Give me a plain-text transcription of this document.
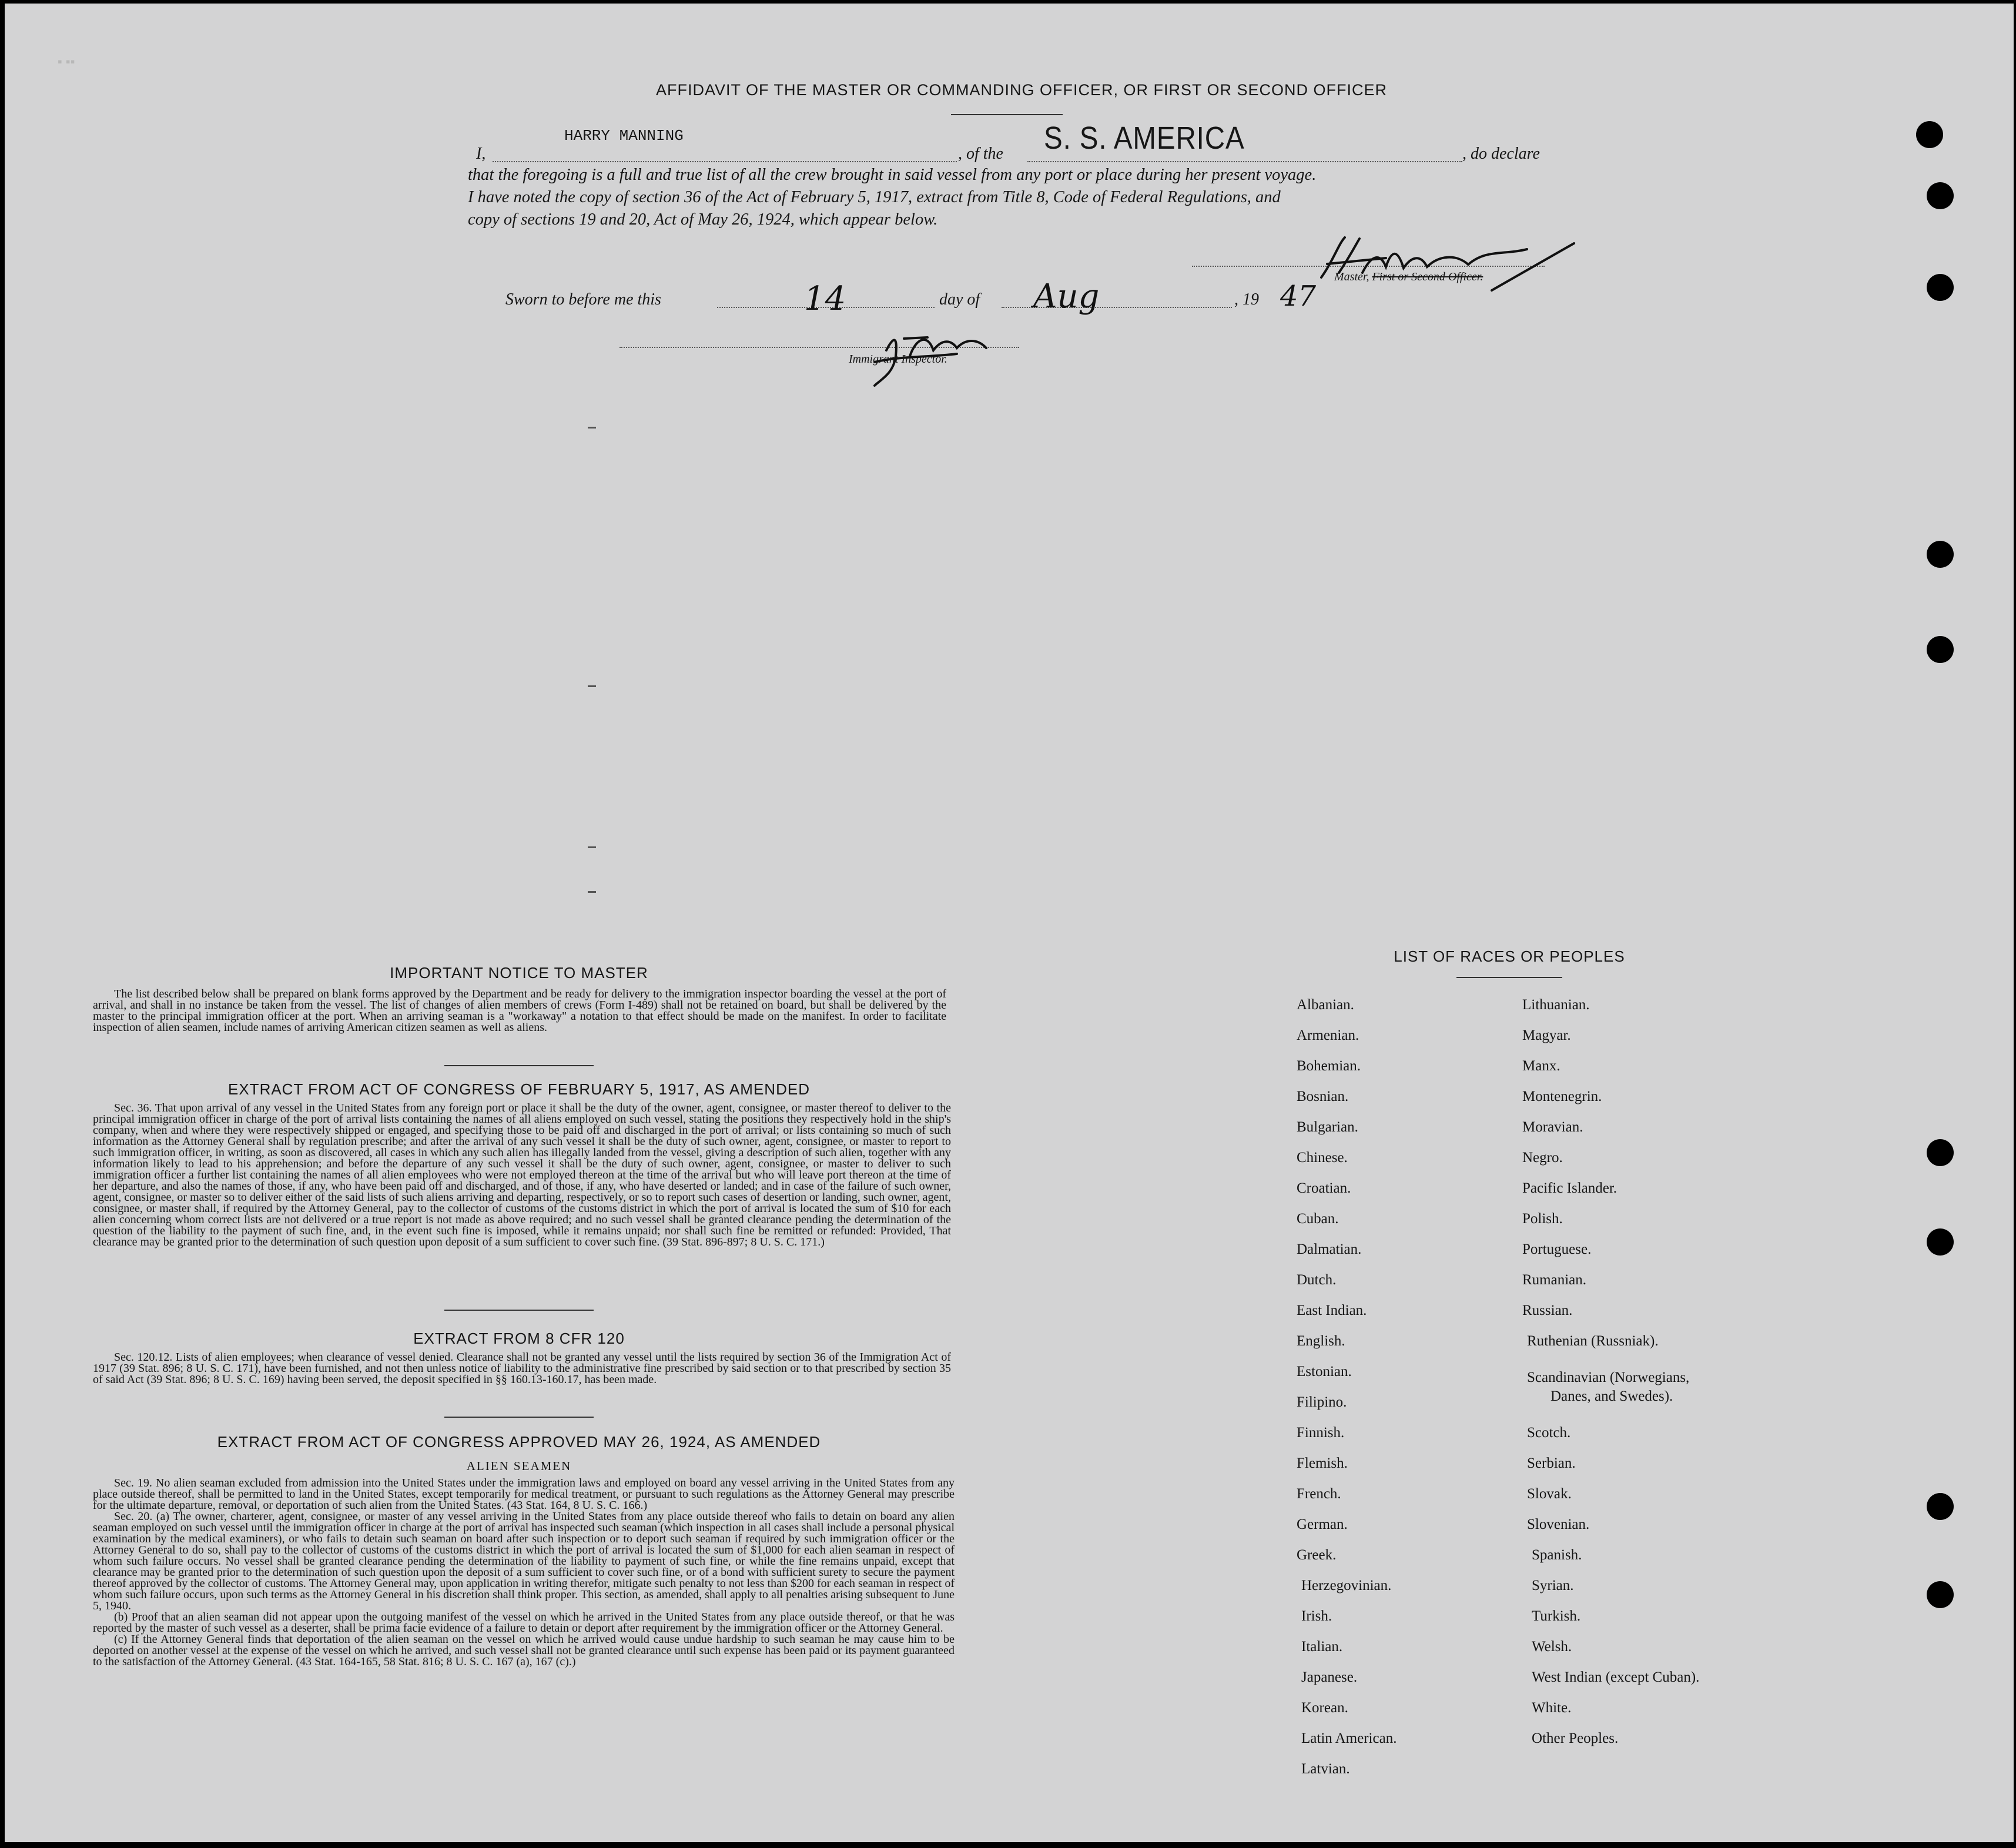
▪ ▪▪
AFFIDAVIT OF THE MASTER OR COMMANDING OFFICER, OR FIRST OR SECOND OFFICER
I,
HARRY MANNING
, of the S. S. AMERICA	, do declare
that the foregoing is a full and true list of all the crew brought in said vessel from any port or place during her present voyage.
I have noted the copy of section 36 of the Act of February 5, 1917, extract from Title 8, Code of Federal Regulations, and
copy of sections 19 and 20, Act of May 26, 1924, which appear below.
Master, First or Second Officer.
Sworn to before me this	14	day of Aug	, 19 47
Immigrant Inspector.
IMPORTANT NOTICE TO MASTER

The list described below shall be prepared on blank forms approved by the Department and be ready for delivery to the immigration inspector boarding the vessel at the port of arrival, and shall in no instance be taken from the vessel. The list of changes of alien members of crews (Form I-489) shall not be retained on board, but shall be delivered by the master to the principal immigration officer at the port. When an arriving seaman is a "workaway" a notation to that effect should be made on the manifest. In order to facilitate inspection of alien seamen, include names of arriving American citizen seamen as well as aliens.

EXTRACT FROM ACT OF CONGRESS OF FEBRUARY 5, 1917, AS AMENDED

Sec. 36. That upon arrival of any vessel in the United States from any foreign port or place it shall be the duty of the owner, agent, consignee, or master thereof to deliver to the principal immigration officer in charge of the port of arrival lists containing the names of all aliens employed on such vessel, stating the positions they respectively hold in the ship's company, when and where they were respectively shipped or engaged, and specifying those to be paid off and discharged in the port of arrival; or lists containing so much of such information as the Attorney General shall by regulation prescribe; and after the arrival of any such vessel it shall be the duty of such owner, agent, consignee, or master to report to such immigration officer, in writing, as soon as discovered, all cases in which any such alien has illegally landed from the vessel, giving a description of such alien, together with any information likely to lead to his apprehension; and before the departure of any such vessel it shall be the duty of such owner, agent, consignee, or master to deliver to such immigration officer a further list containing the names of all alien employees who were not employed thereon at the time of the arrival but who will leave port thereon at the time of her departure, and also the names of those, if any, who have been paid off and discharged, and of those, if any, who have deserted or landed; and in case of the failure of such owner, agent, consignee, or master so to deliver either of the said lists of such aliens arriving and departing, respectively, or so to report such cases of desertion or landing, such owner, agent, consignee, or master shall, if required by the Attorney General, pay to the collector of customs of the customs district in which the port of arrival is located the sum of $10 for each alien concerning whom correct lists are not delivered or a true report is not made as above required; and no such vessel shall be granted clearance pending the determination of the question of the liability to the payment of such fine, and, in the event such fine is imposed, while it remains unpaid; nor shall such fine be remitted or refunded: Provided, That clearance may be granted prior to the determination of such question upon deposit of a sum sufficient to cover such fine. (39 Stat. 896-897; 8 U. S. C. 171.)

EXTRACT FROM 8 CFR 120

Sec. 120.12. Lists of alien employees; when clearance of vessel denied. Clearance shall not be granted any vessel until the lists required by section 36 of the Immigration Act of 1917 (39 Stat. 896; 8 U. S. C. 171), have been furnished, and not then unless notice of liability to the administrative fine prescribed by said section or to that prescribed by section 35 of said Act (39 Stat. 896; 8 U. S. C. 169) having been served, the deposit specified in §§ 160.13-160.17, has been made.

EXTRACT FROM ACT OF CONGRESS APPROVED MAY 26, 1924, AS AMENDED
ALIEN SEAMEN

Sec. 19. No alien seaman excluded from admission into the United States under the immigration laws and employed on board any vessel arriving in the United States from any place outside thereof, shall be permitted to land in the United States, except temporarily for medical treatment, or pursuant to such regulations as the Attorney General may prescribe for the ultimate departure, removal, or deportation of such alien from the United States. (43 Stat. 164, 8 U. S. C. 166.)

Sec. 20. (a) The owner, charterer, agent, consignee, or master of any vessel arriving in the United States from any place outside thereof who fails to detain on board any alien seaman employed on such vessel until the immigration officer in charge at the port of arrival has inspected such seaman (which inspection in all cases shall include a personal physical examination by the medical examiners), or who fails to detain such seaman on board after such inspection or to deport such seaman if required by such immigration officer or the Attorney General to do so, shall pay to the collector of customs of the customs district in which the port of arrival is located the sum of $1,000 for each alien seaman in respect of whom such failure occurs. No vessel shall be granted clearance pending the determination of the liability to payment of such fine, or while the fine remains unpaid, except that clearance may be granted prior to the determination of such question upon the deposit of a sum sufficient to cover such fine, or of a bond with sufficient surety to secure the payment thereof approved by the collector of customs. The Attorney General may, upon application in writing therefor, mitigate such penalty to not less than $200 for each seaman in respect of whom such failure occurs, upon such terms as the Attorney General in his discretion shall think proper. This section, as amended, shall apply to all penalties arising subsequent to June 5, 1940.

(b) Proof that an alien seaman did not appear upon the outgoing manifest of the vessel on which he arrived in the United States from any place outside thereof, or that he was reported by the master of such vessel as a deserter, shall be prima facie evidence of a failure to detain or deport after requirement by the immigration officer or the Attorney General.

(c) If the Attorney General finds that deportation of the alien seaman on the vessel on which he arrived would cause undue hardship to such seaman he may cause him to be deported on another vessel at the expense of the vessel on which he arrived, and such vessel shall not be granted clearance until such expense has been paid or its payment guaranteed to the satisfaction of the Attorney General. (43 Stat. 164-165, 58 Stat. 816; 8 U. S. C. 167 (a), 167 (c).)

LIST OF RACES OR PEOPLES
Albanian.
Armenian.
Bohemian.
Bosnian.
Bulgarian.
Chinese.
Croatian.
Cuban.
Dalmatian.
Dutch.
East Indian.
English.
Estonian.
Filipino.
Finnish.
Flemish.
French.
German.
Greek.
Herzegovinian.
Irish.
Italian.
Japanese.
Korean.
Latin American.
Latvian.
Lithuanian.
Magyar.
Manx.
Montenegrin.
Moravian.
Negro.
Pacific Islander.
Polish.
Portuguese.
Rumanian.
Russian.
Ruthenian (Russniak).
Scandinavian (Norwegians,
Danes, and Swedes).
Scotch.
Serbian.
Slovak.
Slovenian.
Spanish.
Syrian.
Turkish.
Welsh.
West Indian (except Cuban).
White.
Other Peoples.
